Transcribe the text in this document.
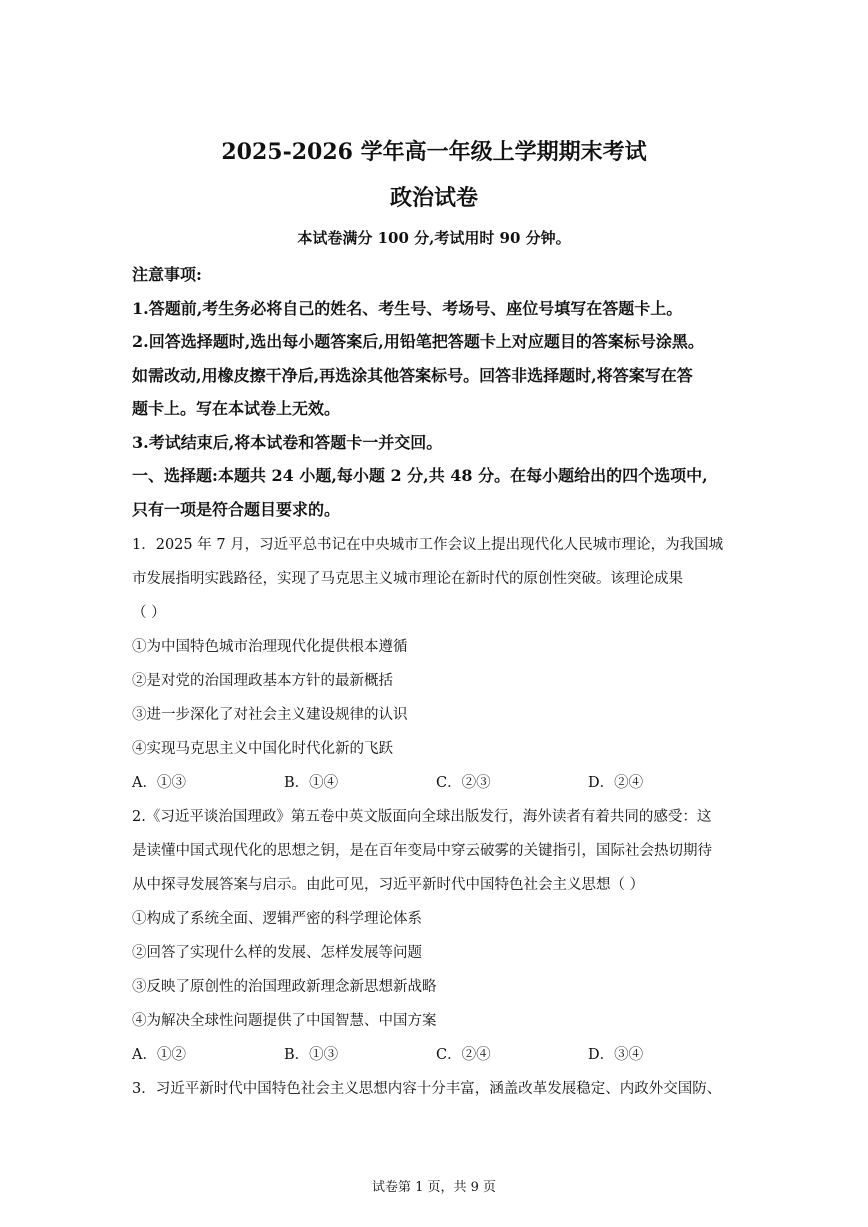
2025-2026 学年高一年级上学期期末考试
政治试卷
本试卷满分 100 分,考试用时 90 分钟。
注意事项:
1.答题前,考生务必将自己的姓名、考生号、考场号、座位号填写在答题卡上。
2.回答选择题时,选出每小题答案后,用铅笔把答题卡上对应题目的答案标号涂黑。
如需改动,用橡皮擦干净后,再选涂其他答案标号。回答非选择题时,将答案写在答
题卡上。写在本试卷上无效。
3.考试结束后,将本试卷和答题卡一并交回。
一、选择题:本题共 24 小题,每小题 2 分,共 48 分。在每小题给出的四个选项中,
只有一项是符合题目要求的。
1．2025 年 7 月，习近平总书记在中央城市工作会议上提出现代化人民城市理论，为我国城
市发展指明实践路径，实现了马克思主义城市理论在新时代的原创性突破。该理论成果
（ ）
①为中国特色城市治理现代化提供根本遵循
②是对党的治国理政基本方针的最新概括
③进一步深化了对社会主义建设规律的认识
④实现马克思主义中国化时代化新的飞跃
A．①③	B．①④	C．②③	D．②④
2.《习近平谈治国理政》第五卷中英文版面向全球出版发行，海外读者有着共同的感受：这
是读懂中国式现代化的思想之钥，是在百年变局中穿云破雾的关键指引，国际社会热切期待
从中探寻发展答案与启示。由此可见，习近平新时代中国特色社会主义思想（ ）
①构成了系统全面、逻辑严密的科学理论体系
②回答了实现什么样的发展、怎样发展等问题
③反映了原创性的治国理政新理念新思想新战略
④为解决全球性问题提供了中国智慧、中国方案
A．①②	B．①③	C．②④	D．③④
3．习近平新时代中国特色社会主义思想内容十分丰富，涵盖改革发展稳定、内政外交国防、
试卷第 1 页，共 9 页
